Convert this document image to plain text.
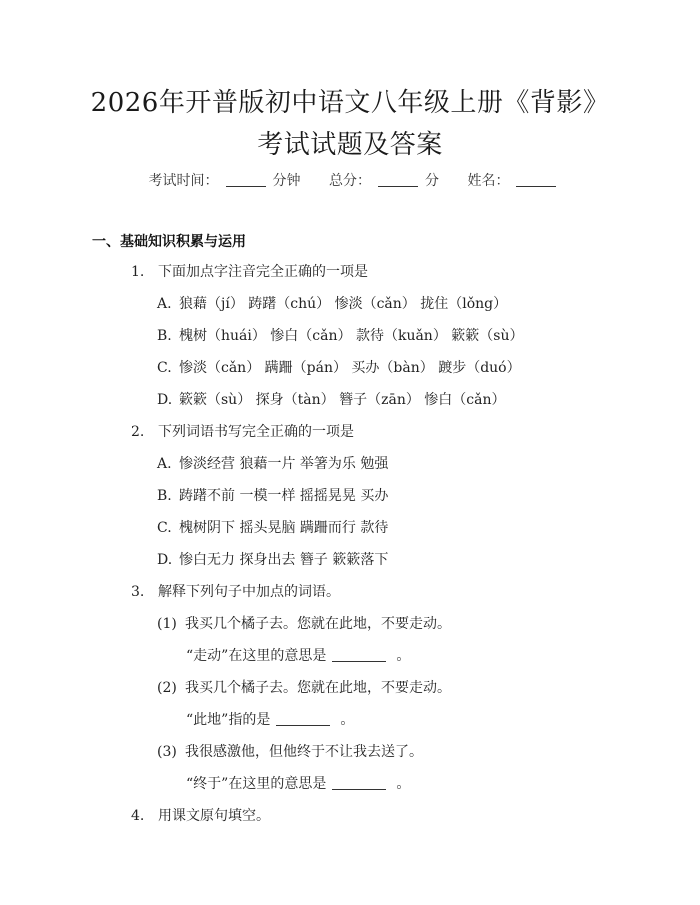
2026年开普版初中语文八年级上册《背影》
考试试题及答案
考试时间：	分钟 总分：	分 姓名：
一、基础知识积累与运用
1. 下面加点字注音完全正确的一项是
A. 狼藉（jí） 踌躇（chú） 惨淡（cǎn） 拢住（lǒng）
B. 槐树（huái） 惨白（cǎn） 款待（kuǎn） 簌簌（sù）
C. 惨淡（cǎn） 蹒跚（pán） 买办（bàn） 踱步（duó）
D. 簌簌（sù） 探身（tàn） 簪子（zān） 惨白（cǎn）
2. 下列词语书写完全正确的一项是
A. 惨淡经营 狼藉一片 举箸为乐 勉强
B. 踌躇不前 一模一样 摇摇晃晃 买办
C. 槐树阴下 摇头晃脑 蹒跚而行 款待
D. 惨白无力 探身出去 簪子 簌簌落下
3. 解释下列句子中加点的词语。
(1) 我买几个橘子去。您就在此地，不要走动。
“走动”在这里的意思是	。
(2) 我买几个橘子去。您就在此地，不要走动。
“此地”指的是	。
(3) 我很感激他，但他终于不让我去送了。
“终于”在这里的意思是	。
4. 用课文原句填空。
